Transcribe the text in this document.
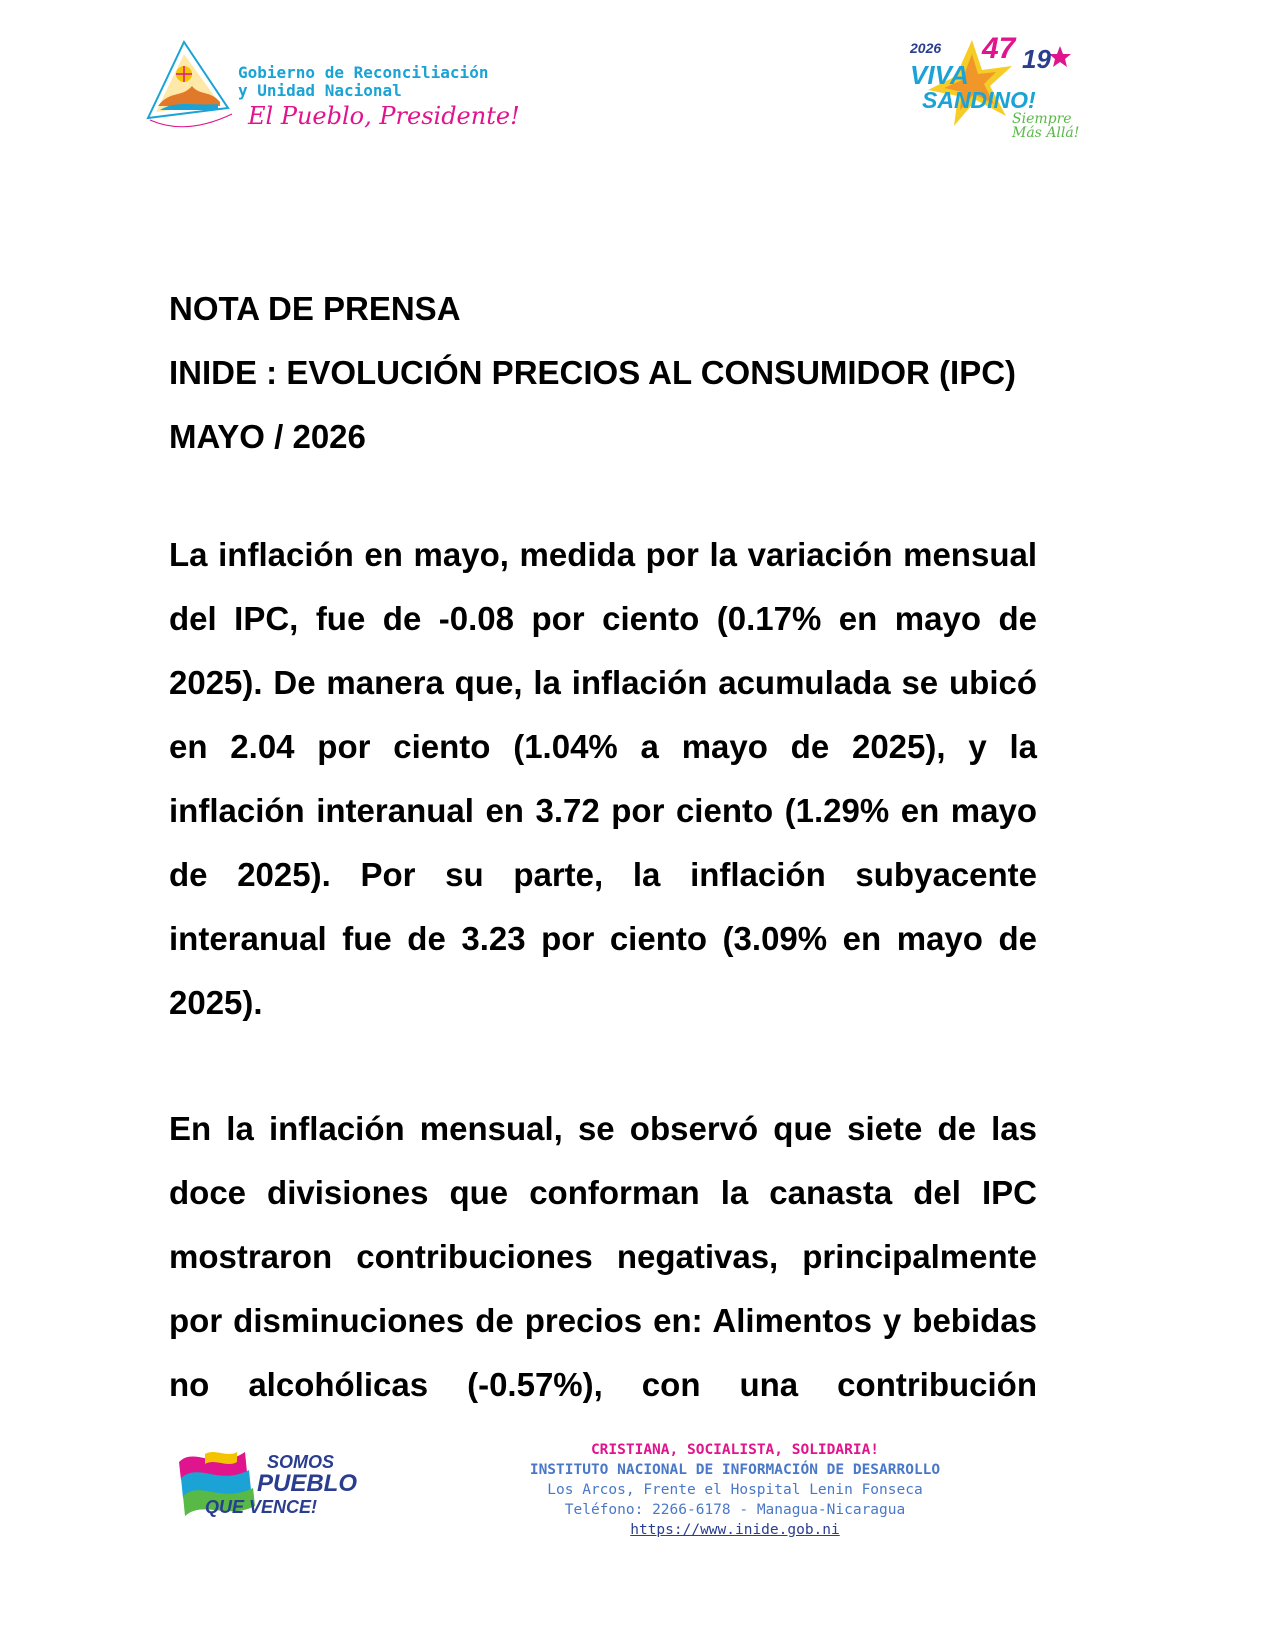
Gobierno de Reconciliación
y Unidad Nacional
El Pueblo, Presidente!
2026 47 19
VIVA
SANDINO!
Siempre Más Allá!

NOTA DE PRENSA

INIDE : EVOLUCIÓN PRECIOS AL CONSUMIDOR (IPC)

MAYO / 2026

La inflación en mayo, medida por la variación mensual del IPC, fue de -0.08 por ciento (0.17% en mayo de 2025). De manera que, la inflación acumulada se ubicó en 2.04 por ciento (1.04% a mayo de 2025), y la inflación interanual en 3.72 por ciento (1.29% en mayo de 2025). Por su parte, la inflación subyacente interanual fue de 3.23 por ciento (3.09% en mayo de 2025).

En la inflación mensual, se observó que siete de las doce divisiones que conforman la canasta del IPC mostraron contribuciones negativas, principalmente por disminuciones de precios en: Alimentos y bebidas no alcohólicas (-0.57%), con una contribución

SOMOS
PUEBLO
QUE VENCE!
CRISTIANA, SOCIALISTA, SOLIDARIA!
INSTITUTO NACIONAL DE INFORMACIÓN DE DESARROLLO
Los Arcos, Frente el Hospital Lenin Fonseca
Teléfono: 2266-6178 - Managua-Nicaragua
https://www.inide.gob.ni
